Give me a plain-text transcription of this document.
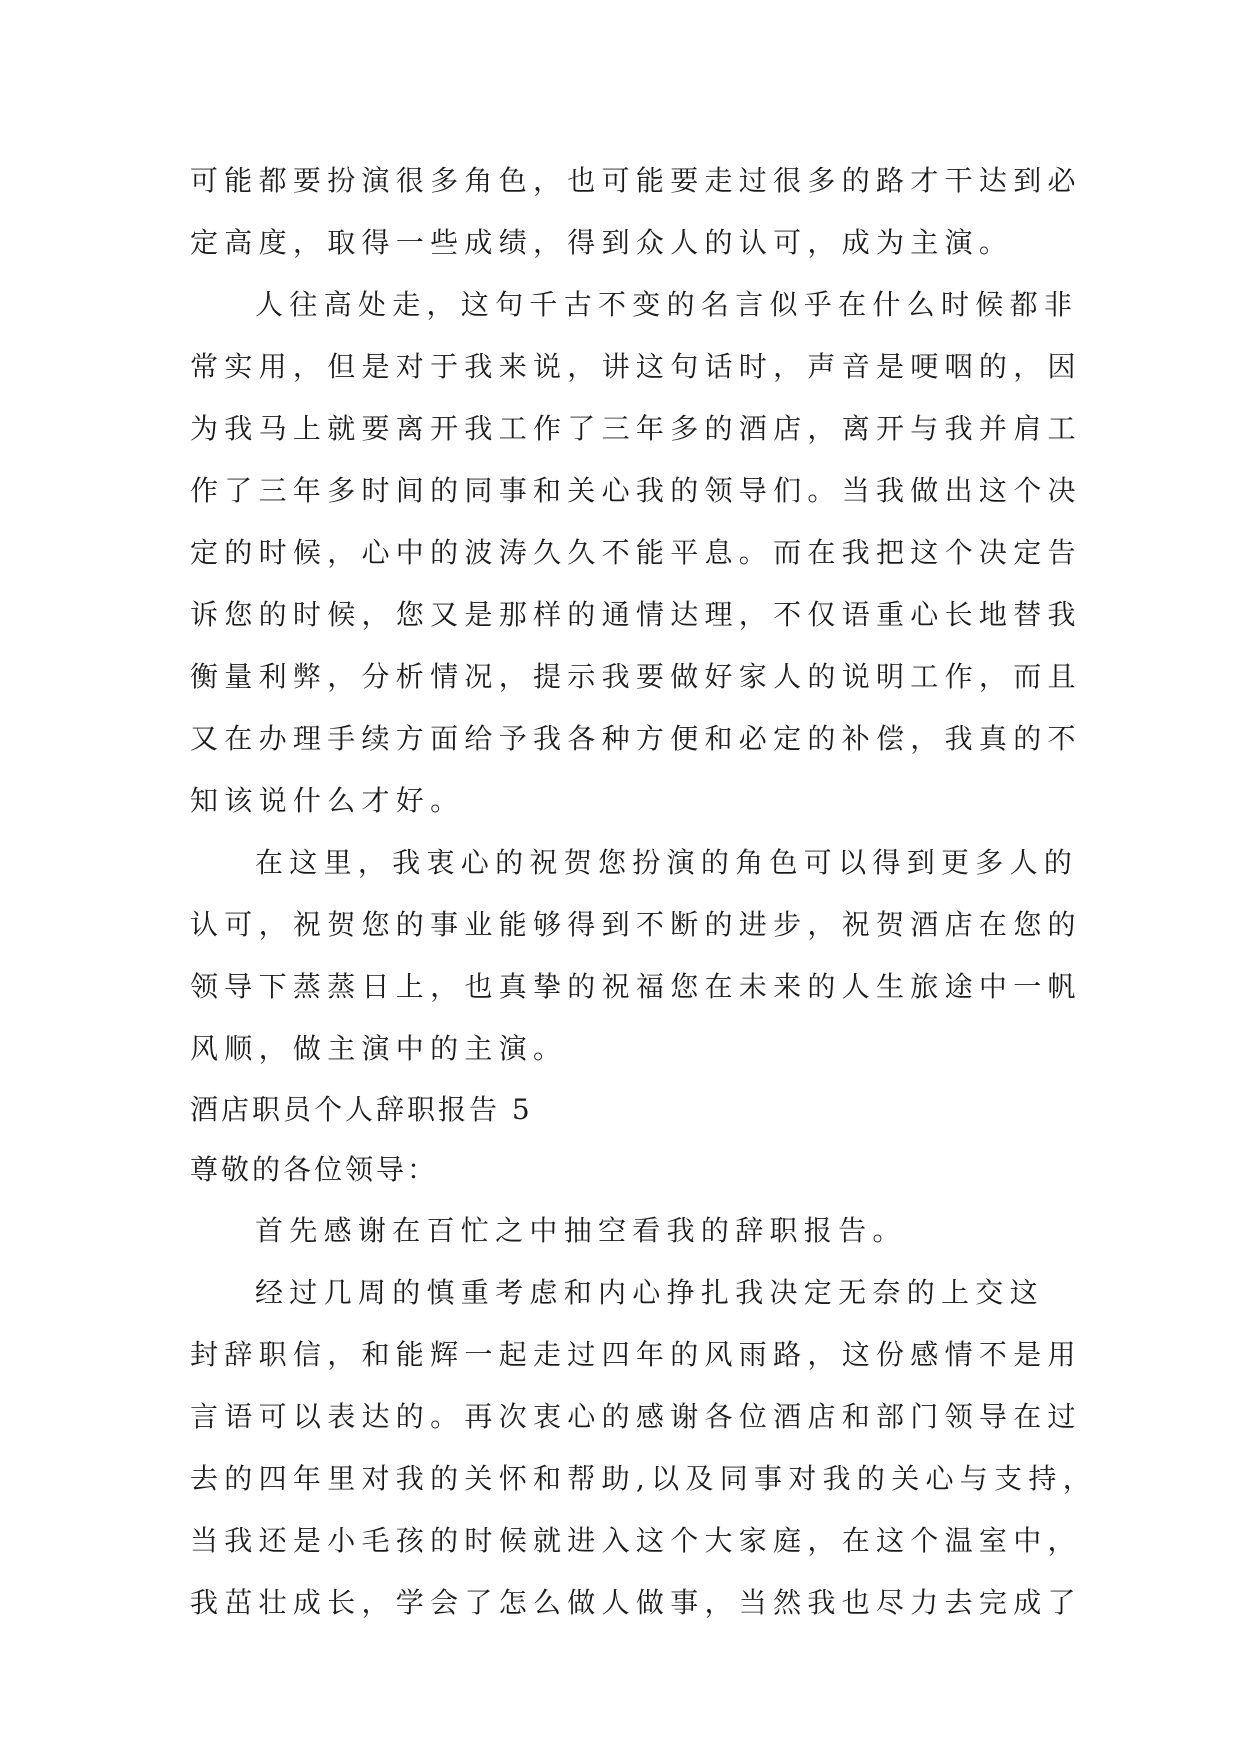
可能都要扮演很多角色，也可能要走过很多的路才干达到必
定高度，取得一些成绩，得到众人的认可，成为主演。
人往高处走，这句千古不变的名言似乎在什么时候都非
常实用，但是对于我来说，讲这句话时，声音是哽咽的，因
为我马上就要离开我工作了三年多的酒店，离开与我并肩工
作了三年多时间的同事和关心我的领导们。当我做出这个决
定的时候，心中的波涛久久不能平息。而在我把这个决定告
诉您的时候，您又是那样的通情达理，不仅语重心长地替我
衡量利弊，分析情况，提示我要做好家人的说明工作，而且
又在办理手续方面给予我各种方便和必定的补偿，我真的不
知该说什么才好。
在这里，我衷心的祝贺您扮演的角色可以得到更多人的
认可，祝贺您的事业能够得到不断的进步，祝贺酒店在您的
领导下蒸蒸日上，也真挚的祝福您在未来的人生旅途中一帆
风顺，做主演中的主演。
酒店职员个人辞职报告 5
尊敬的各位领导：
首先感谢在百忙之中抽空看我的辞职报告。
经过几周的慎重考虑和内心挣扎我决定无奈的上交这
封辞职信，和能辉一起走过四年的风雨路，这份感情不是用
言语可以表达的。再次衷心的感谢各位酒店和部门领导在过
去的四年里对我的关怀和帮助,以及同事对我的关心与支持，
当我还是小毛孩的时候就进入这个大家庭，在这个温室中，
我茁壮成长，学会了怎么做人做事，当然我也尽力去完成了
